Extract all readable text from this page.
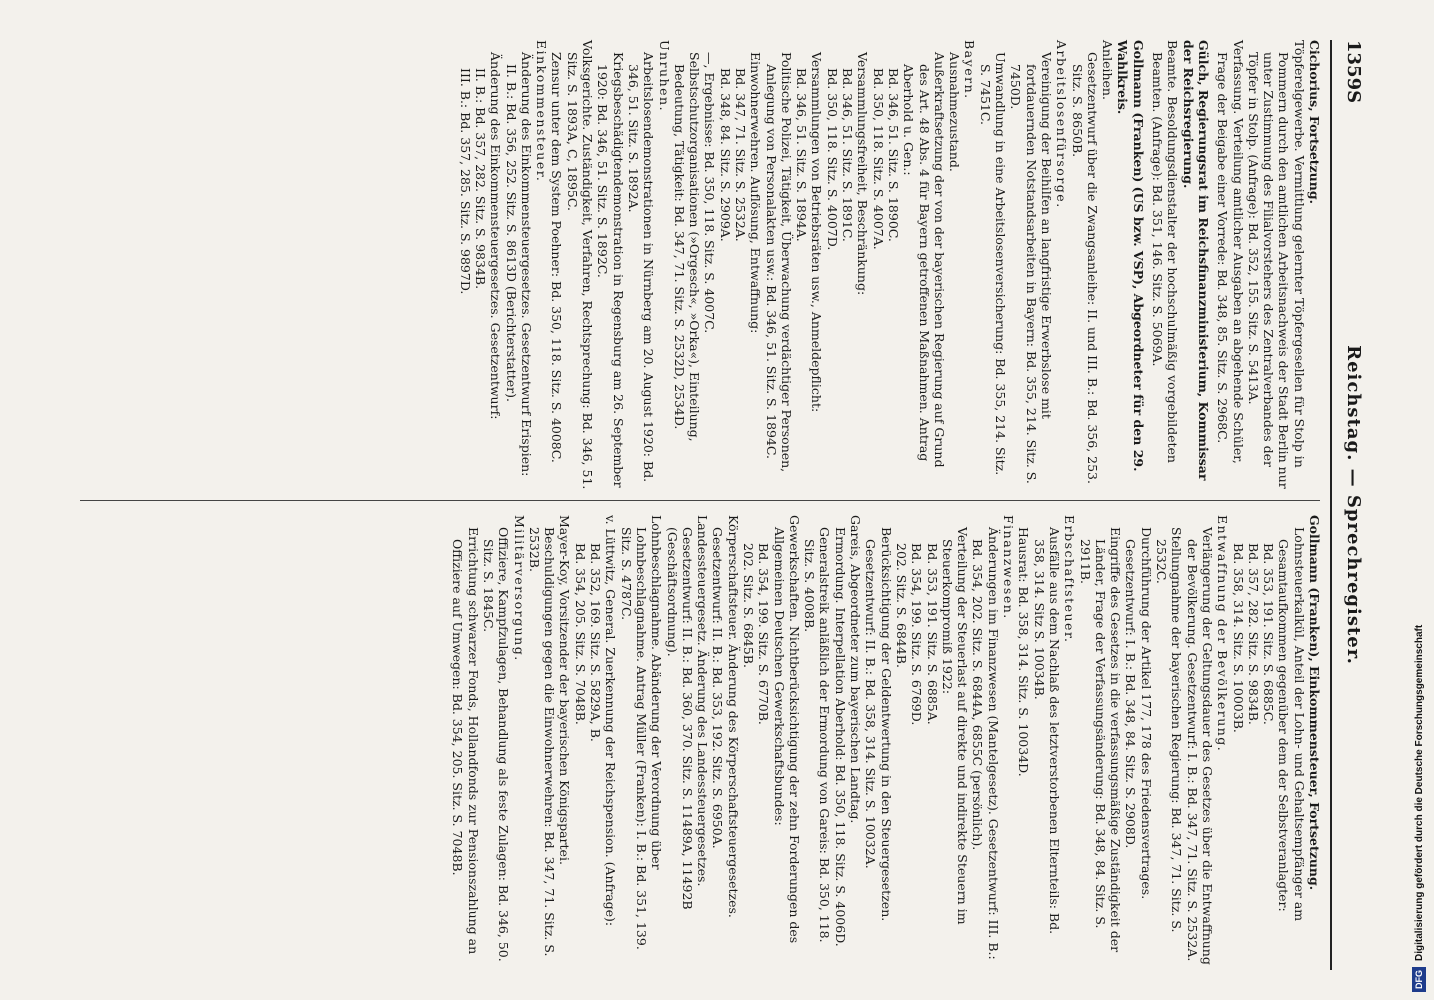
1359S
Reichstag. — Sprechregister.
Cichorius, Fortsetzung.
Töpferelgewerbe. Vermittlung gelernter Töpfergesellen für Stolp in Pommern durch den amtlichen Arbeitsnachweis der Stadt Berlin nur unter Zustimmung des Filialvorstehers des Zentralverbandes der Töpfer in Stolp. (Anfrage): Bd. 352, 155. Sitz. S. 5413A.
Verfassung. Verteilung amtlicher Ausgaben an abgehende Schüler, Frage der Beigabe einer Vorrede: Bd. 348, 85. Sitz. S. 2968C.
Gülch, Regierungsrat im Reichsfinanzministerium, Kommissar der Reichsregierung.
Beamte. Besoldungsdienstalter der hochschulmäßig vorgebildeten Beamten. (Anfrage): Bd. 351, 146. Sitz. S. 5069A.
Gollmann (Franken) (US bzw. VSP), Abgeordneter für den 29. Wahlkreis.
Anleihen.
Gesetzentwurf über die Zwangsanleihe: II. und III. B.: Bd. 356, 253. Sitz. S. 8650B.
Arbeitslosenfürsorge.
Vereinigung der Beihilfen an langfristige Erwerbslose mit fortdauernden Notstandsarbeiten in Bayern: Bd. 355, 214. Sitz. S. 7450D.
Umwandlung in eine Arbeitslosenversicherung: Bd. 355, 214. Sitz. S. 7451C.
Bayern.
Ausnahmezustand.
Außerkraftsetzung der von der bayerischen Regierung auf Grund des Art. 48 Abs. 4 für Bayern getroffenen Maßnahmen. Antrag Aberhold u. Gen.:
Bd. 346, 51. Sitz. S. 1890C.
Bd. 350, 118. Sitz. S. 4007A.
Versammlungsfreiheit, Beschränkung:
Bd. 346, 51. Sitz. S. 1891C.
Bd. 350, 118. Sitz. S. 4007D.
Versammlungen von Betriebsräten usw., Anmeldepflicht:
Bd. 346, 51. Sitz. S. 1894A.
Politische Polizei, Tätigkeit, Überwachung verdächtiger Personen, Anlegung von Personalakten usw.: Bd. 346, 51. Sitz. S. 1894C.
Einwohnerwehren. Auflösung, Entwaffnung:
Bd. 347, 71. Sitz. S. 2532A.
Bd. 348, 84. Sitz. S. 2909A.
—, Ergebnisse: Bd. 350, 118. Sitz. S. 4007C.
Selbstschutzorganisationen (»Orgesch«, »Orka«), Einteilung, Bedeutung, Tätigkeit: Bd. 347, 71. Sitz. S. 2532D, 2534D.
Unruhen.
Arbeitslosendemonstrationen in Nürnberg am 20. August 1920: Bd. 346, 51. Sitz. S. 1892A.
Kriegsbeschädigtendemonstration in Regensburg am 26. September 1920: Bd. 346, 51. Sitz. S. 1892C.
Volksgerichte. Zuständigkeit, Verfahren, Rechtsprechung: Bd. 346, 51. Sitz. S. 1893A, C, 1895C.
Zensur unter dem System Poehner: Bd. 350, 118. Sitz. S. 4008C.
Einkommensteuer.
Änderung des Einkommensteuergesetzes. Gesetzentwurf Erispien: II. B.: Bd. 356, 252. Sitz. S. 8613D (Berichterstatter).
Änderung des Einkommensteuergesetzes. Gesetzentwurf:
II. B.: Bd. 357, 282. Sitz. S. 9834B.
III. B.: Bd. 357, 285. Sitz. S. 9897D.
Gollmann (Franken), Einkommensteuer, Fortsetzung.
Lohnsteuerkalkül, Anteil der Lohn- und Gehaltsempfänger am Gesamtaufkommen gegenüber dem der Selbstveranlagter:
Bd. 353, 191. Sitz. S. 6885C.
Bd. 357, 282. Sitz. S. 9834B.
Bd. 358, 314. Sitz. S. 10003B.
Entwaffnung der Bevölkerung.
Verlängerung der Geltungsdauer des Gesetzes über die Entwaffnung der Bevölkerung. Gesetzentwurf: I. B.: Bd. 347, 71. Sitz. S. 2532A.
Stellungnahme der bayerischen Regierung: Bd. 347, 71. Sitz. S. 2532C.
Durchführung der Artikel 177, 178 des Friedensvertrages. Gesetzentwurf: I. B.: Bd. 348, 84. Sitz. S. 2908D.
Eingriffe des Gesetzes in die verfassungsmäßige Zuständigkeit der Länder, Frage der Verfassungsänderung: Bd. 348, 84. Sitz. S. 2911B.
Erbschaftsteuer.
Ausfälle aus dem Nachlaß des letztverstorbenen Elternteils: Bd. 358, 314. Sitz S. 10034B.
Hausrat: Bd. 358, 314. Sitz. S. 10034D.
Finanzwesen.
Änderungen im Finanzwesen (Mantelgesetz). Gesetzentwurf: III. B.: Bd. 354, 202. Sitz. S. 6844A, 6855C (persönlich).
Verteilung der Steuerlast auf direkte und indirekte Steuern im Steuerkompromiß 1922:
Bd. 353, 191. Sitz. S. 6885A.
Bd. 354, 199. Sitz. S. 6769D.
202. Sitz. S. 6844B.
Berücksichtigung der Geldentwertung in den Steuergesetzen. Gesetzentwurf: II. B.: Bd. 358, 314. Sitz. S. 10032A.
Gareis, Abgeordneter zum bayerischen Landtag.
Ermordung. Interpellation Aberhold: Bd. 350, 118. Sitz. S. 4006D.
Generalstreik anläßlich der Ermordung von Gareis: Bd. 350, 118. Sitz. S. 4008B.
Gewerkschaften. Nichtberücksichtigung der zehn Forderungen des Allgemeinen Deutschen Gewerkschaftsbundes:
Bd. 354, 199. Sitz. S. 6770B.
202. Sitz. S. 6845B.
Körperschaftsteuer. Änderung des Körperschaftsteuergesetzes. Gesetzentwurf: II. B.: Bd. 353, 192. Sitz. S. 6950A.
Landessteuergesetz. Änderung des Landessteuergesetzes. Gesetzentwurf: II. B.: Bd. 360, 370. Sitz. S. 11489A, 11492B (Geschäftsordnung).
Lohnbeschlagnahme. Abänderung der Verordnung über Lohnbeschlagnahme. Antrag Müller (Franken): I. B.: Bd. 351, 139. Sitz. S. 4787C.
v. Lüttwitz, General. Zuerkennung der Reichspension. (Anfrage):
Bd. 352, 169. Sitz. S. 5829A, B.
Bd. 354, 205. Sitz. S. 7048B.
Mayer-Koy, Vorsitzender der bayerischen Königspartei. Beschuldigungen gegen die Einwohnerwehren: Bd. 347, 71. Sitz. S. 2532B.
Militärversorgung.
Offiziere, Kampfzulagen, Behandlung als feste Zulagen: Bd. 346, 50. Sitz. S. 1845C.
Errichtung schwarzer Fonds, Hollandfonds zur Pensionszahlung an Offiziere auf Umwegen: Bd. 354, 205. Sitz. S. 7048B.
DFGDigitalisierung gefördert durch die Deutsche Forschungsgemeinschaft
